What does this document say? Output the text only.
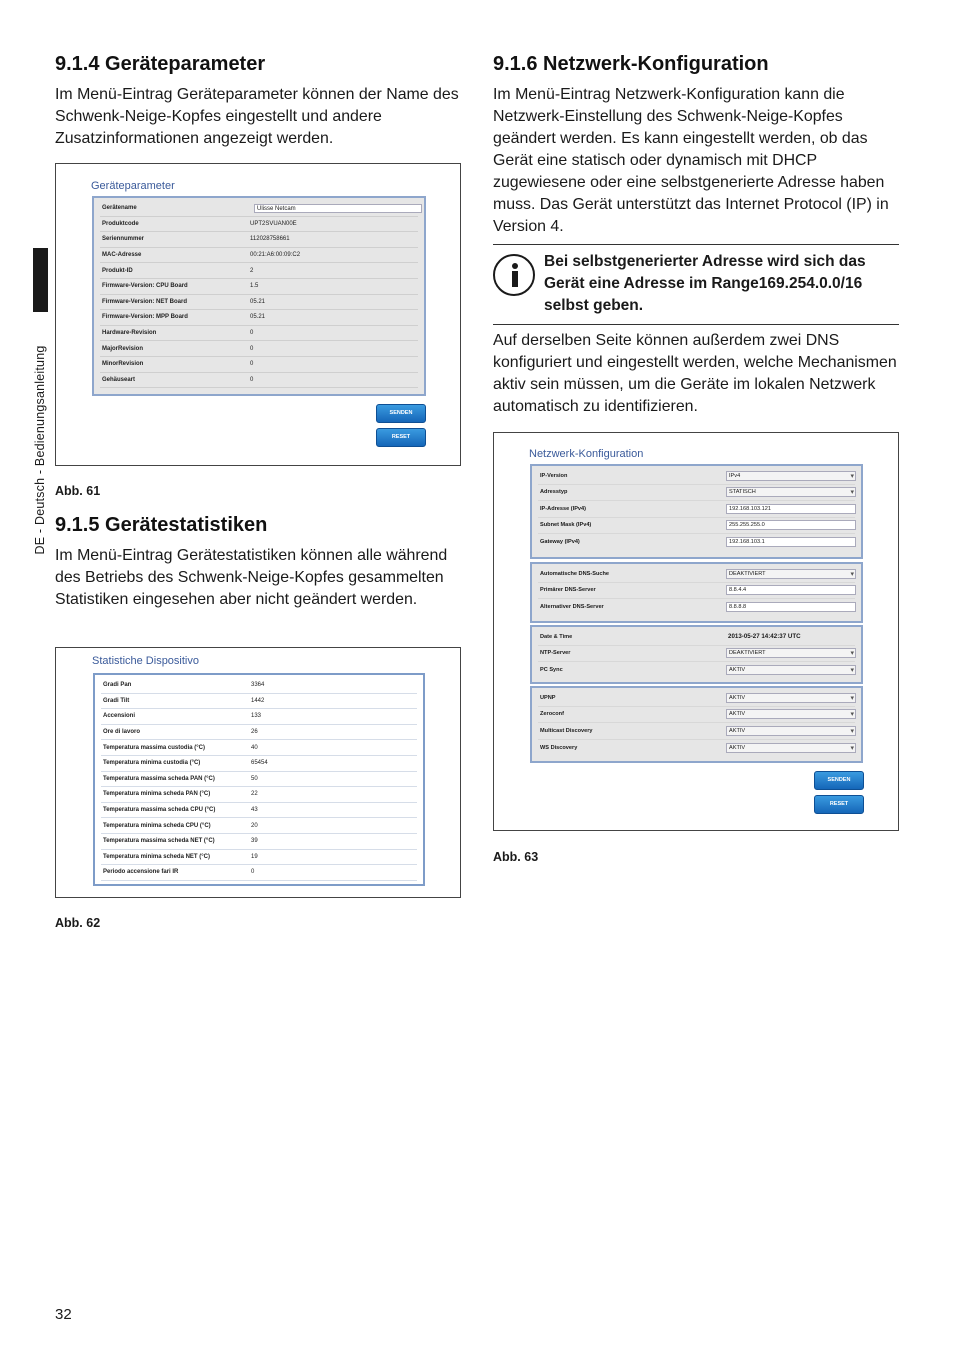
DE - Deutsch - Bedienungsanleitung
9.1.4 Geräteparameter

Im Menü-Eintrag Geräteparameter können der Name des Schwenk-Neige-Kopfes eingestellt und andere Zusatzinformationen angezeigt werden.

Geräteparameter
Gerätename	Ulisse Netcam
Produktcode	UPT2SVUAN00E
Seriennummer	112028758661
MAC-Adresse	00:21:A6:00:09:C2
Produkt-ID	2
Firmware-Version: CPU Board	1.5
Firmware-Version: NET Board	05.21
Firmware-Version: MPP Board	05.21
Hardware-Revision	0
MajorRevision	0
MinorRevision	0
Gehäuseart	0
SENDEN
RESET
Abb. 61
9.1.5 Gerätestatistiken

Im Menü-Eintrag Gerätestatistiken können alle während des Betriebs des Schwenk-Neige-Kopfes gesammelten Statistiken eingesehen aber nicht geändert werden.

Statistiche Dispositivo
Gradi Pan	3364
Gradi Tilt	1442
Accensioni	133
Ore di lavoro	26
Temperatura massima custodia (°C)	40
Temperatura minima custodia (°C)	65454
Temperatura massima scheda PAN (°C)	50
Temperatura minima scheda PAN (°C)	22
Temperatura massima scheda CPU (°C)	43
Temperatura minima scheda CPU (°C)	20
Temperatura massima scheda NET (°C)	39
Temperatura minima scheda NET (°C)	19
Periodo accensione fari IR	0
Abb. 62
9.1.6 Netzwerk-Konfiguration

Im Menü-Eintrag Netzwerk-Konfiguration kann die Netzwerk-Einstellung des Schwenk-Neige-Kopfes geändert werden. Es kann eingestellt werden, ob das Gerät eine statisch oder dynamisch mit DHCP zugewiesene oder eine selbstgenerierte Adresse haben muss. Das Gerät unterstützt das Internet Protocol (IP) in Version 4.

Bei selbstgenerierter Adresse wird sich das Gerät eine Adresse im Range169.254.0.0/16 selbst geben.

Auf derselben Seite können außerdem zwei DNS konfiguriert und eingestellt werden, welche Mechanismen aktiv sein müssen, um die Geräte im lokalen Netzwerk automatisch zu identifizieren.

Netzwerk-Konfiguration
IP-Version	IPv4 ▾
Adresstyp	STATISCH ▾
IP-Adresse (IPv4)	192.168.103.121
Subnet Mask (IPv4)	255.255.255.0
Gateway (IPv4)	192.168.103.1
Automatische DNS-Suche	DEAKTIVIERT ▾
Primärer DNS-Server	8.8.4.4
Alternativer DNS-Server	8.8.8.8
Date & Time	2013-05-27 14:42:37 UTC
NTP-Server	DEAKTIVIERT ▾
PC Sync	AKTIV ▾
UPNP	AKTIV ▾
Zeroconf	AKTIV ▾
Multicast Discovery	AKTIV ▾
WS Discovery	AKTIV ▾
SENDEN
RESET
Abb. 63
32
